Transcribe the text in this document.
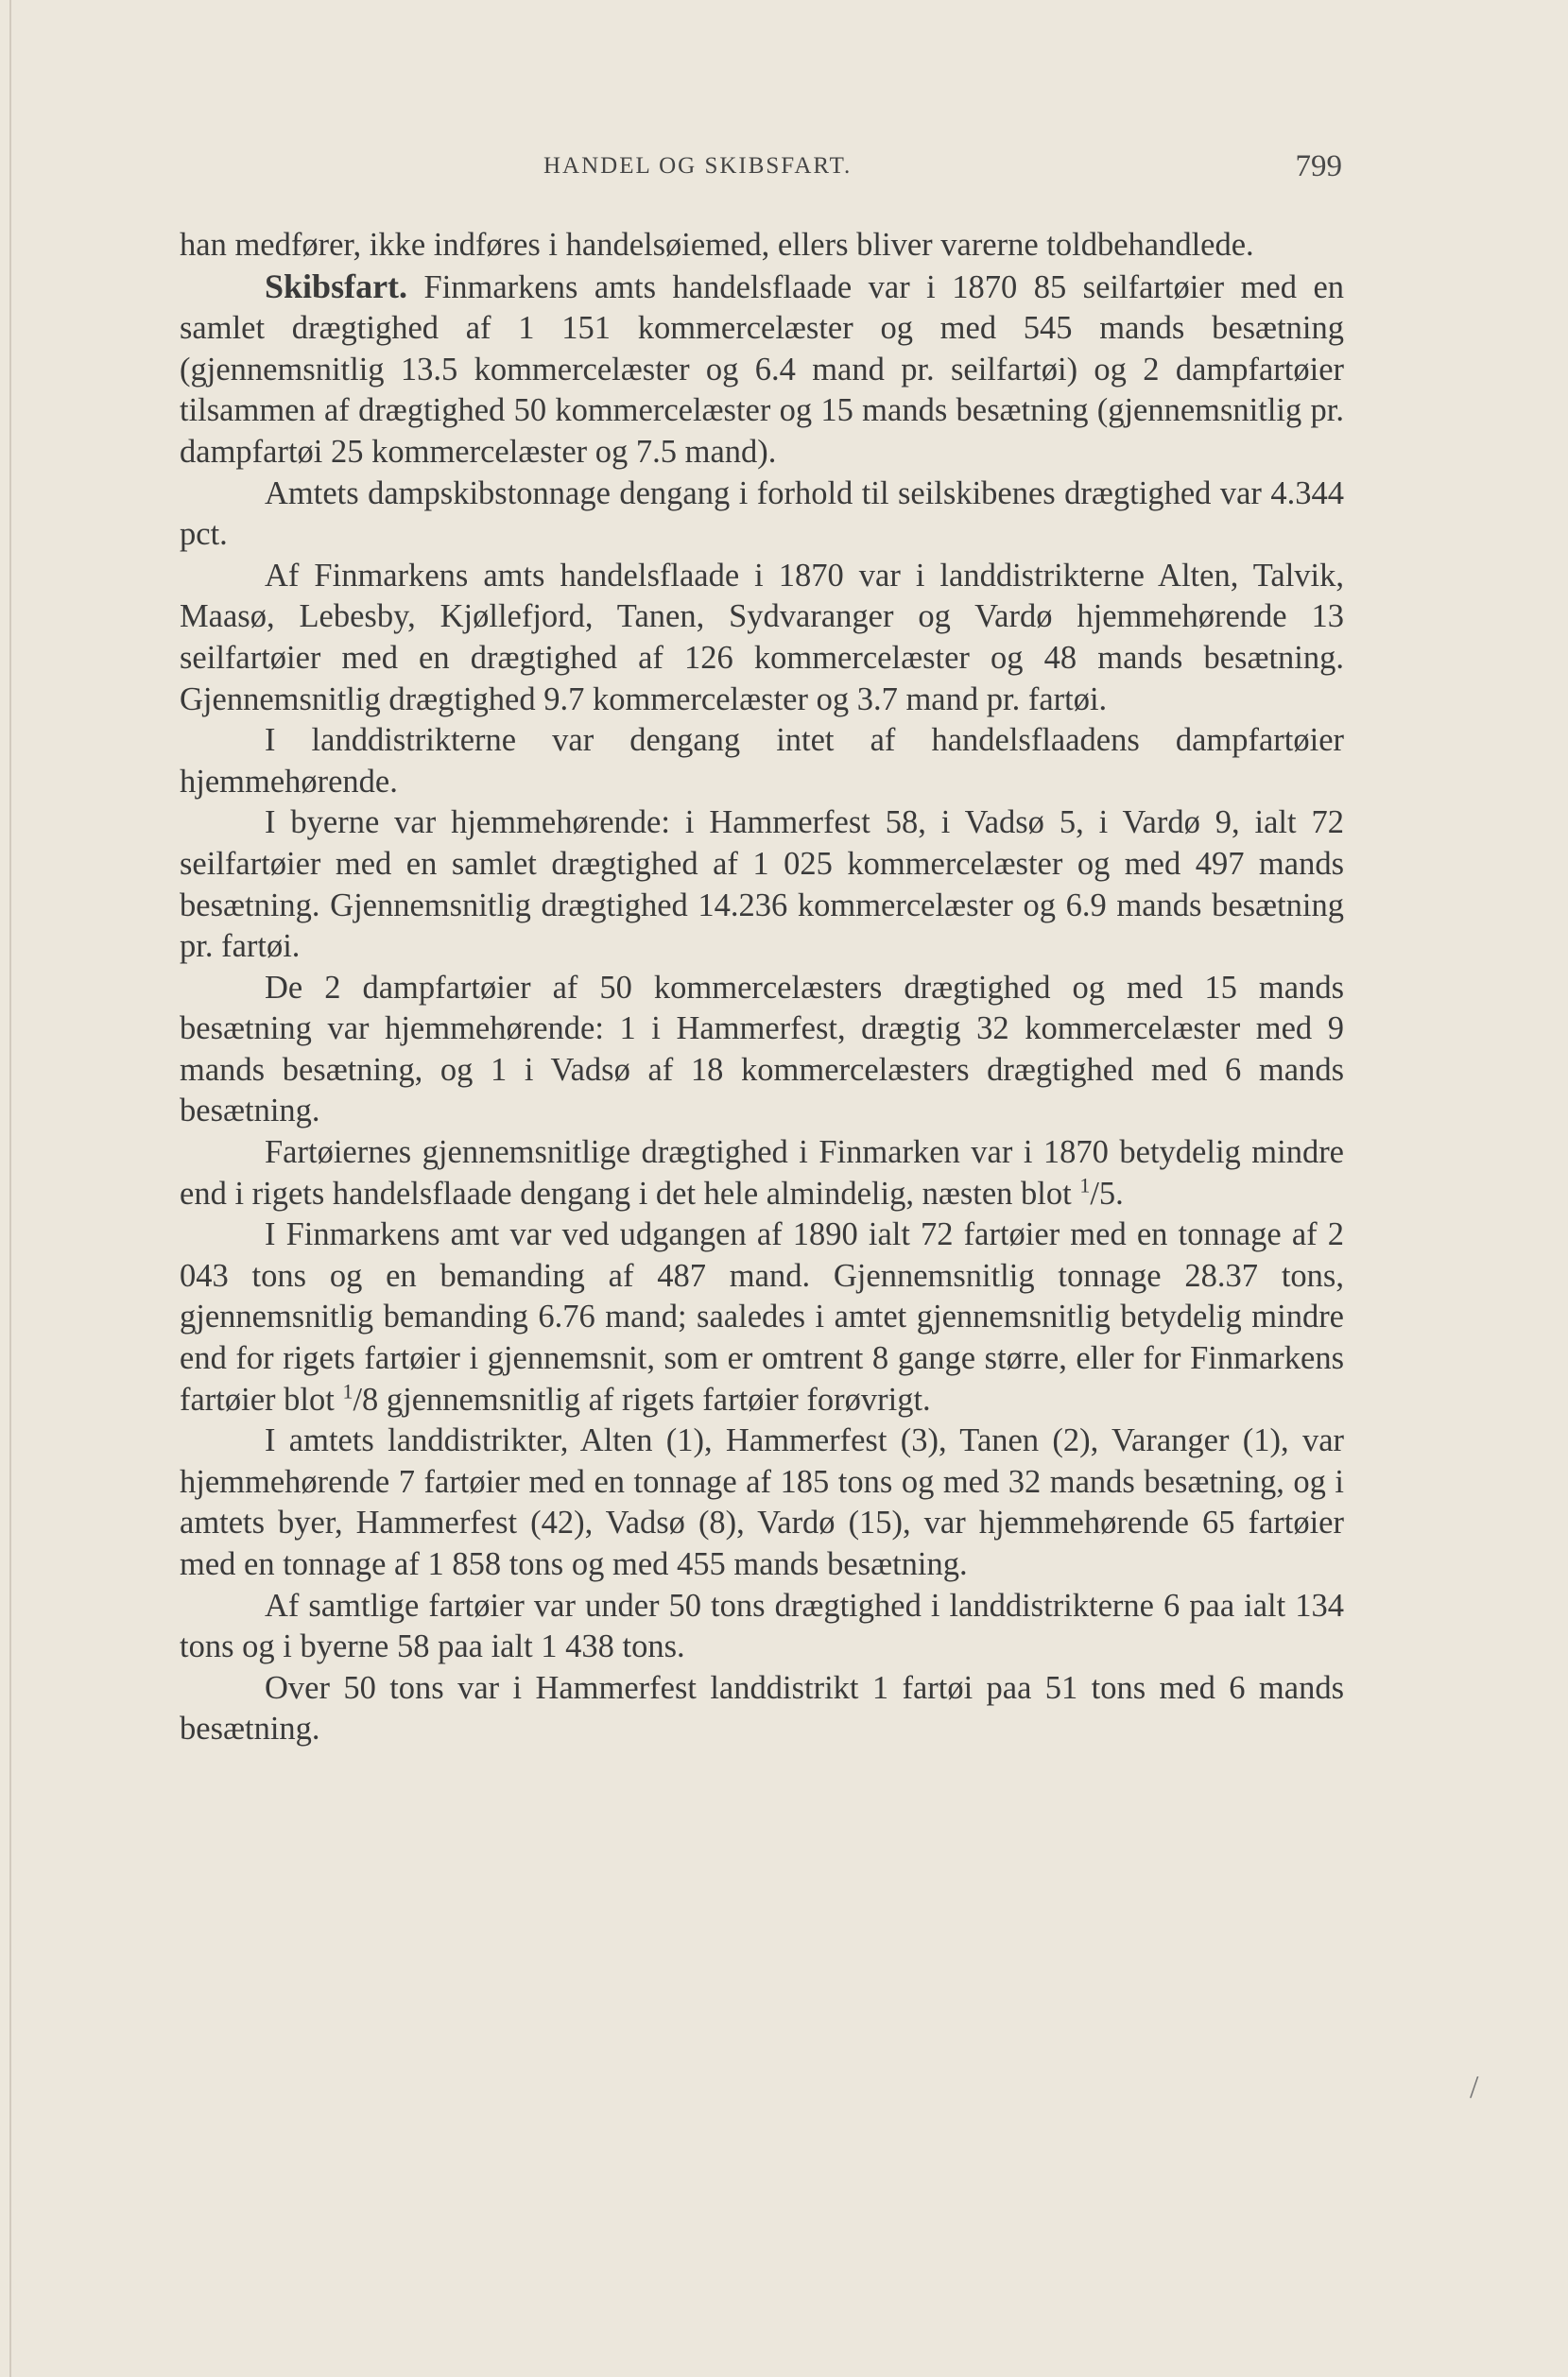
HANDEL OG SKIBSFART.	799

han medfører, ikke indføres i handelsøiemed, ellers bliver varerne toldbehandlede.

Skibsfart. Finmarkens amts handelsflaade var i 1870 85 seilfartøier med en samlet drægtighed af 1 151 kommercelæster og med 545 mands besætning (gjennemsnitlig 13.5 kommercelæster og 6.4 mand pr. seilfartøi) og 2 dampfartøier tilsammen af drægtighed 50 kommercelæster og 15 mands besætning (gjennemsnitlig pr. dampfartøi 25 kommercelæster og 7.5 mand).

Amtets dampskibstonnage dengang i forhold til seilskibenes drægtighed var 4.344 pct.

Af Finmarkens amts handelsflaade i 1870 var i landdistrikterne Alten, Talvik, Maasø, Lebesby, Kjøllefjord, Tanen, Sydvaranger og Vardø hjemmehørende 13 seilfartøier med en drægtighed af 126 kommercelæster og 48 mands besætning. Gjennemsnitlig drægtighed 9.7 kommercelæster og 3.7 mand pr. fartøi.

I landdistrikterne var dengang intet af handelsflaadens dampfartøier hjemmehørende.

I byerne var hjemmehørende: i Hammerfest 58, i Vadsø 5, i Vardø 9, ialt 72 seilfartøier med en samlet drægtighed af 1 025 kommercelæster og med 497 mands besætning. Gjennemsnitlig drægtighed 14.236 kommercelæster og 6.9 mands besætning pr. fartøi.

De 2 dampfartøier af 50 kommercelæsters drægtighed og med 15 mands besætning var hjemmehørende: 1 i Hammerfest, drægtig 32 kommercelæster med 9 mands besætning, og 1 i Vadsø af 18 kommercelæsters drægtighed med 6 mands besætning.

Fartøiernes gjennemsnitlige drægtighed i Finmarken var i 1870 betydelig mindre end i rigets handelsflaade dengang i det hele almindelig, næsten blot $^1$/5.

I Finmarkens amt var ved udgangen af 1890 ialt 72 fartøier med en tonnage af 2 043 tons og en bemanding af 487 mand. Gjennemsnitlig tonnage 28.37 tons, gjennemsnitlig bemanding 6.76 mand; saaledes i amtet gjennemsnitlig betydelig mindre end for rigets fartøier i gjennemsnit, som er omtrent 8 gange større, eller for Finmarkens fartøier blot $^1$/8 gjennemsnitlig af rigets fartøier forøvrigt.

I amtets landdistrikter, Alten (1), Hammerfest (3), Tanen (2), Varanger (1), var hjemmehørende 7 fartøier med en tonnage af 185 tons og med 32 mands besætning, og i amtets byer, Hammerfest (42), Vadsø (8), Vardø (15), var hjemmehørende 65 fartøier med en tonnage af 1 858 tons og med 455 mands besætning.

Af samtlige fartøier var under 50 tons drægtighed i landdistrikterne 6 paa ialt 134 tons og i byerne 58 paa ialt 1 438 tons.

Over 50 tons var i Hammerfest landdistrikt 1 fartøi paa 51 tons med 6 mands besætning.

/
